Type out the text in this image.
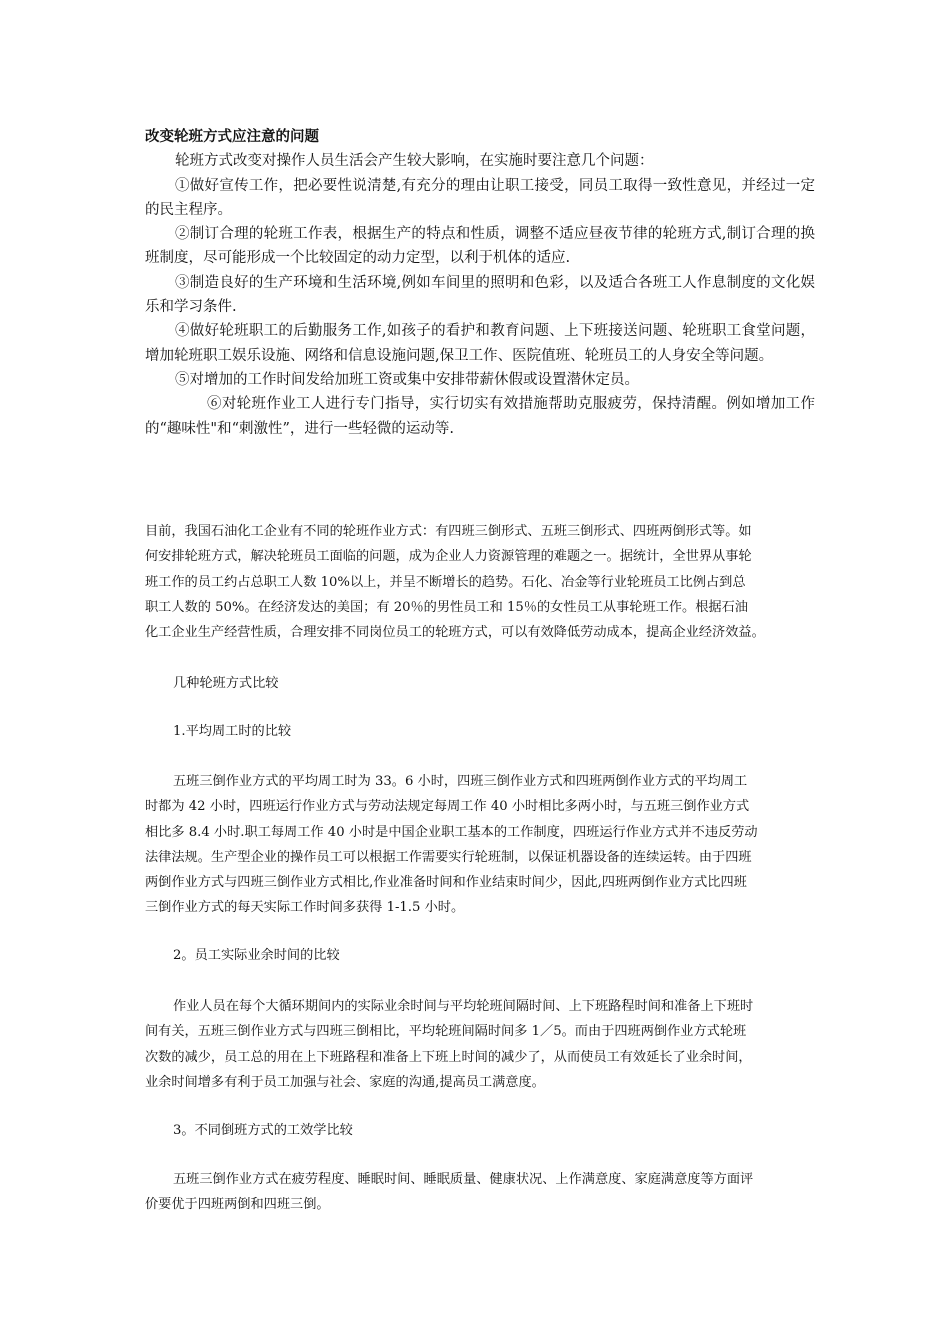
改变轮班方式应注意的问题

轮班方式改变对操作人员生活会产生较大影响，在实施时要注意几个问题：

①做好宣传工作，把必要性说清楚,有充分的理由让职工接受，同员工取得一致性意见，并经过一定的民主程序。

②制订合理的轮班工作表，根据生产的特点和性质，调整不适应昼夜节律的轮班方式,制订合理的换班制度，尽可能形成一个比较固定的动力定型，以利于机体的适应.

③制造良好的生产环境和生活环境,例如车间里的照明和色彩，以及适合各班工人作息制度的文化娱乐和学习条件.

④做好轮班职工的后勤服务工作,如孩子的看护和教育问题、上下班接送问题、轮班职工食堂问题，增加轮班职工娱乐设施、网络和信息设施问题,保卫工作、医院值班、轮班员工的人身安全等问题。

⑤对增加的工作时间发给加班工资或集中安排带薪休假或设置潜休定员。

⑥对轮班作业工人进行专门指导，实行切实有效措施帮助克服疲劳，保持清醒。例如增加工作的“趣味性"和“刺激性”，进行一些轻微的运动等.

目前，我国石油化工企业有不同的轮班作业方式：有四班三倒形式、五班三倒形式、四班两倒形式等。如
何安排轮班方式，解决轮班员工面临的问题，成为企业人力资源管理的难题之一。据统计，全世界从事轮
班工作的员工约占总职工人数 10%以上，并呈不断增长的趋势。石化、冶金等行业轮班员工比例占到总
职工人数的 50%。在经济发达的美国；有 20％的男性员工和 15％的女性员工从事轮班工作。根据石油
化工企业生产经营性质，合理安排不同岗位员工的轮班方式，可以有效降低劳动成本，提高企业经济效益。
几种轮班方式比较
1.平均周工时的比较
五班三倒作业方式的平均周工时为 33。6 小时，四班三倒作业方式和四班两倒作业方式的平均周工
时都为 42 小时，四班运行作业方式与劳动法规定每周工作 40 小时相比多两小时，与五班三倒作业方式
相比多 8.4 小时.职工每周工作 40 小时是中国企业职工基本的工作制度，四班运行作业方式并不违反劳动
法律法规。生产型企业的操作员工可以根据工作需要实行轮班制，以保证机器设备的连续运转。由于四班
两倒作业方式与四班三倒作业方式相比,作业准备时间和作业结束时间少，因此,四班两倒作业方式比四班
三倒作业方式的每天实际工作时间多获得 1-1.5 小时。
2。员工实际业余时间的比较
作业人员在每个大循环期间内的实际业余时间与平均轮班间隔时间、上下班路程时间和准备上下班时
间有关，五班三倒作业方式与四班三倒相比，平均轮班间隔时间多 1／5。而由于四班两倒作业方式轮班
次数的减少，员工总的用在上下班路程和准备上下班上时间的减少了，从而使员工有效延长了业余时间，
业余时间增多有利于员工加强与社会、家庭的沟通,提高员工满意度。
3。不同倒班方式的工效学比较
五班三倒作业方式在疲劳程度、睡眠时间、睡眠质量、健康状况、上作满意度、家庭满意度等方面评
价要优于四班两倒和四班三倒。
